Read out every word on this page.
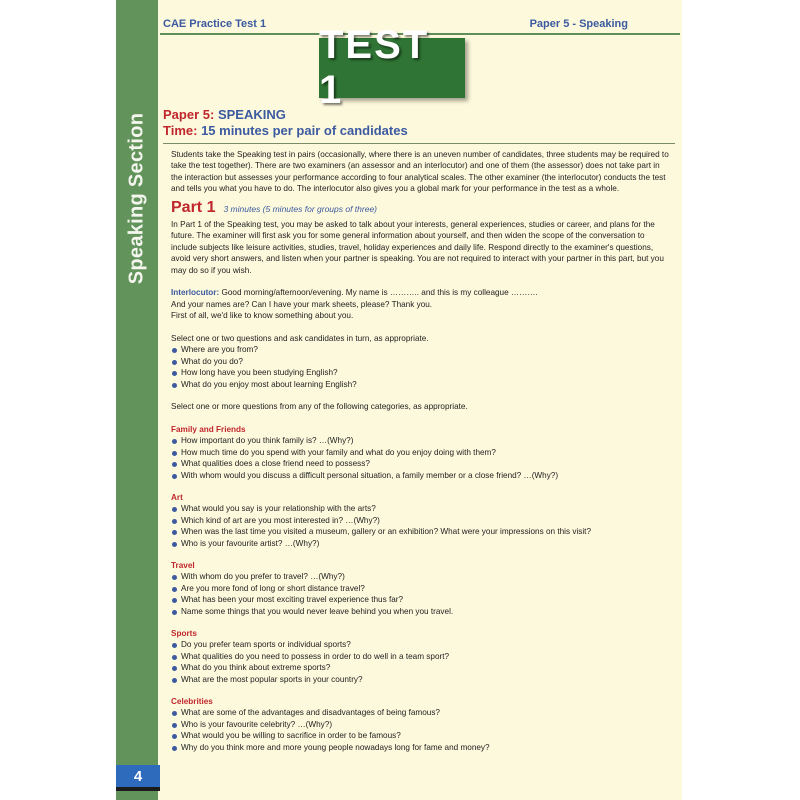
Speaking Section
4
CAE Practice Test 1	Paper 5 - Speaking
TEST 1
Paper 5: SPEAKING
Time: 15 minutes per pair of candidates

Students take the Speaking test in pairs (occasionally, where there is an uneven number of candidates, three students may be required to take the test together). There are two examiners (an assessor and an interlocutor) and one of them (the assessor) does not take part in the interaction but assesses your performance according to four analytical scales. The other examiner (the interlocutor) conducts the test and tells you what you have to do. The interlocutor also gives you a global mark for your performance in the test as a whole.

Part 1 3 minutes (5 minutes for groups of three)

In Part 1 of the Speaking test, you may be asked to talk about your interests, general experiences, studies or career, and plans for the future. The examiner will first ask you for some general information about yourself, and then widen the scope of the conversation to include subjects like leisure activities, studies, travel, holiday experiences and daily life. Respond directly to the examiner's questions, avoid very short answers, and listen when your partner is speaking. You are not required to interact with your partner in this part, but you may do so if you wish.

Interlocutor: Good morning/afternoon/evening. My name is ……….. and this is my colleague ……….

And your names are? Can I have your mark sheets, please? Thank you.

First of all, we'd like to know something about you.

Select one or two questions and ask candidates in turn, as appropriate.

Where are you from?
What do you do?
How long have you been studying English?
What do you enjoy most about learning English?

Select one or more questions from any of the following categories, as appropriate.

Family and Friends
How important do you think family is? …(Why?)
How much time do you spend with your family and what do you enjoy doing with them?
What qualities does a close friend need to possess?
With whom would you discuss a difficult personal situation, a family member or a close friend? …(Why?)
Art
What would you say is your relationship with the arts?
Which kind of art are you most interested in? …(Why?)
When was the last time you visited a museum, gallery or an exhibition? What were your impressions on this visit?
Who is your favourite artist? …(Why?)
Travel
With whom do you prefer to travel? …(Why?)
Are you more fond of long or short distance travel?
What has been your most exciting travel experience thus far?
Name some things that you would never leave behind you when you travel.
Sports
Do you prefer team sports or individual sports?
What qualities do you need to possess in order to do well in a team sport?
What do you think about extreme sports?
What are the most popular sports in your country?
Celebrities
What are some of the advantages and disadvantages of being famous?
Who is your favourite celebrity? …(Why?)
What would you be willing to sacrifice in order to be famous?
Why do you think more and more young people nowadays long for fame and money?
